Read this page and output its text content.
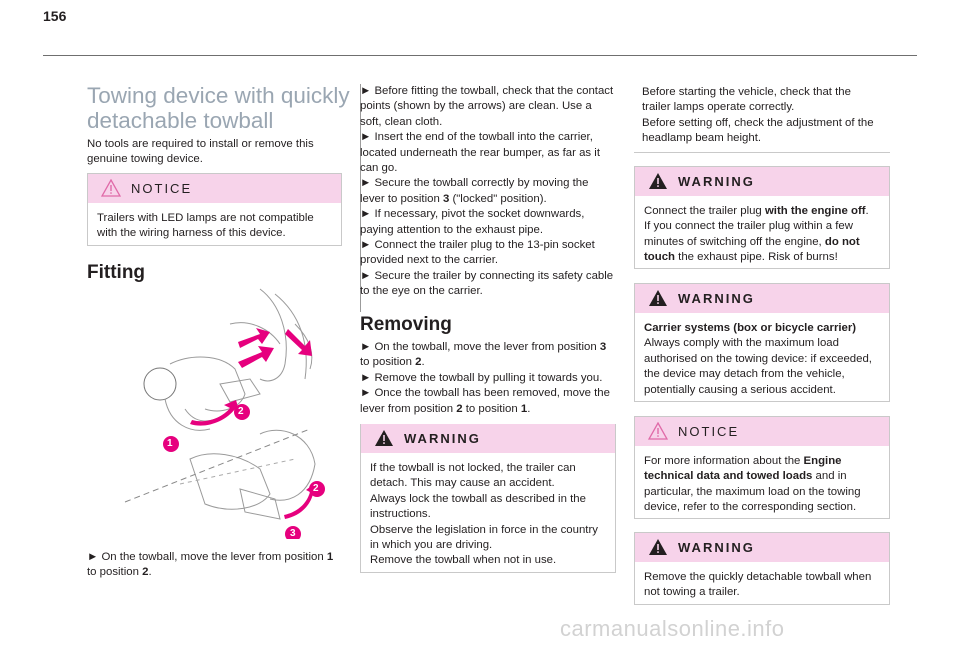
156
Towing device with quickly detachable towball

No tools are required to install or remove this genuine towing device.

NOTICE

Trailers with LED lamps are not compatible with the wiring harness of this device.

Fitting
1
2
2
3

► On the towball, move the lever from position 1 to position 2.

► Before fitting the towball, check that the contact points (shown by the arrows) are clean. Use a soft, clean cloth.

► Insert the end of the towball into the carrier, located underneath the rear bumper, as far as it can go.

► Secure the towball correctly by moving the lever to position 3 ("locked" position).

► If necessary, pivot the socket downwards, paying attention to the exhaust pipe.

► Connect the trailer plug to the 13-pin socket provided next to the carrier.

► Secure the trailer by connecting its safety cable to the eye on the carrier.

Removing

► On the towball, move the lever from position 3 to position 2.

► Remove the towball by pulling it towards you.

► Once the towball has been removed, move the lever from position 2 to position 1.

WARNING

If the towball is not locked, the trailer can detach. This may cause an accident.

Always lock the towball as described in the instructions.

Observe the legislation in force in the country in which you are driving.

Remove the towball when not in use.

Before starting the vehicle, check that the trailer lamps operate correctly.

Before setting off, check the adjustment of the headlamp beam height.

WARNING

Connect the trailer plug with the engine off.

If you connect the trailer plug within a few minutes of switching off the engine, do not touch the exhaust pipe. Risk of burns!

WARNING

Carrier systems (box or bicycle carrier)

Always comply with the maximum load authorised on the towing device: if exceeded, the device may detach from the vehicle, potentially causing a serious accident.

NOTICE

For more information about the Engine technical data and towed loads and in particular, the maximum load on the towing device, refer to the corresponding section.

WARNING

Remove the quickly detachable towball when not towing a trailer.

carmanualsonline.info
